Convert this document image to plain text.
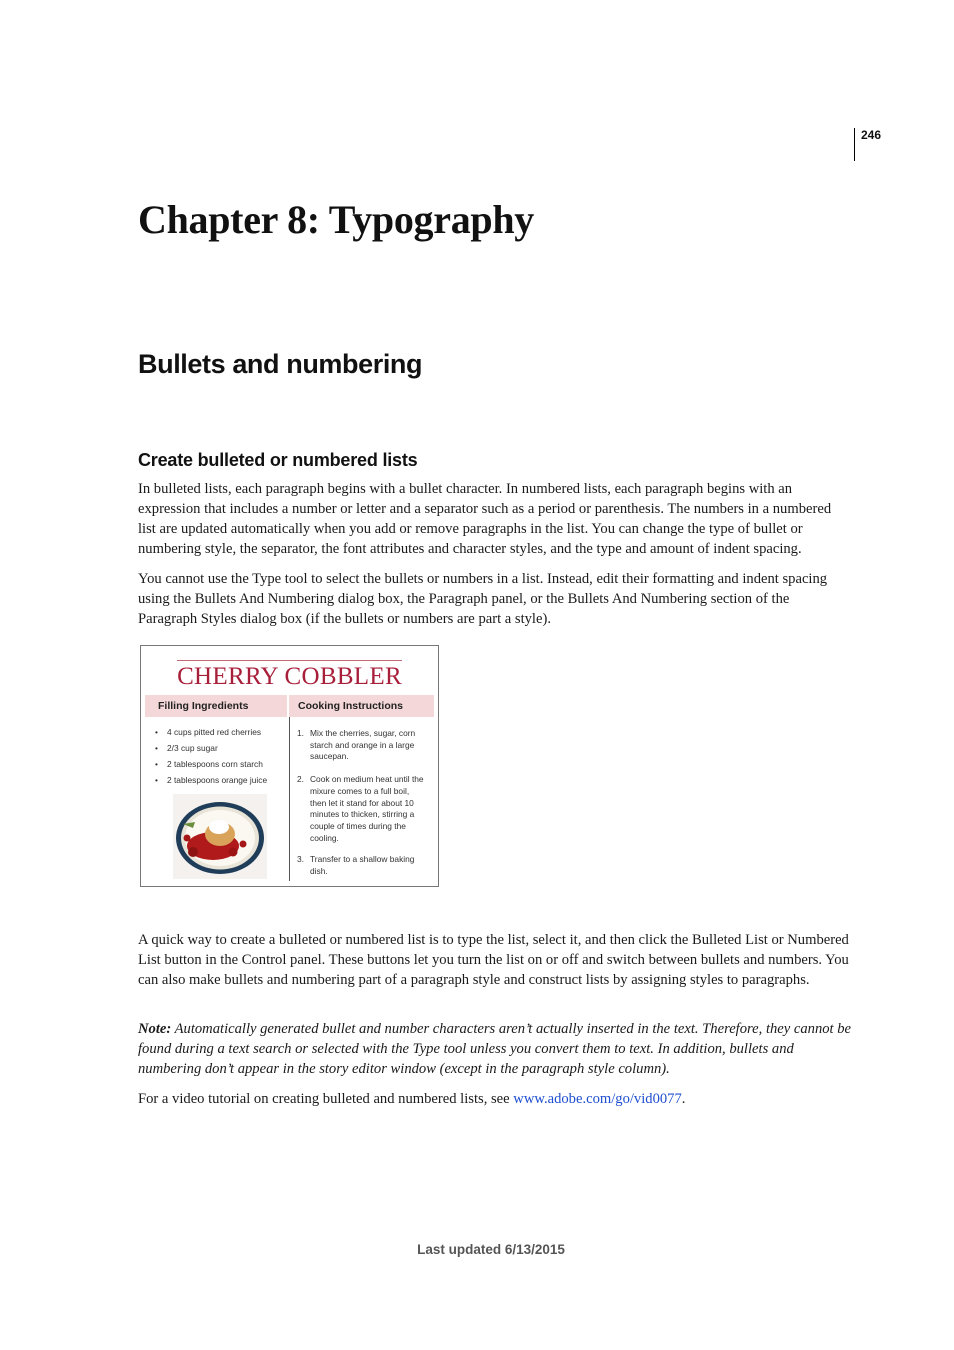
246
Chapter 8: Typography
Bullets and numbering
Create bulleted or numbered lists

In bulleted lists, each paragraph begins with a bullet character. In numbered lists, each paragraph begins with an expression that includes a number or letter and a separator such as a period or parenthesis. The numbers in a numbered list are updated automatically when you add or remove paragraphs in the list. You can change the type of bullet or numbering style, the separator, the font attributes and character styles, and the type and amount of indent spacing.

You cannot use the Type tool to select the bullets or numbers in a list. Instead, edit their formatting and indent spacing using the Bullets And Numbering dialog box, the Paragraph panel, or the Bullets And Numbering section of the Paragraph Styles dialog box (if the bullets or numbers are part a style).

CHERRY COBBLER
Filling Ingredients	Cooking Instructions
• 4 cups pitted red cherries
• 2/3 cup sugar
• 2 tablespoons corn starch
• 2 tablespoons orange juice
1. Mix the cherries, sugar, corn starch and orange in a large saucepan.
2. Cook on medium heat until the mixure comes to a full boil, then let it stand for about 10 minutes to thicken, stirring a couple of times during the cooling.
3. Transfer to a shallow baking dish.

A quick way to create a bulleted or numbered list is to type the list, select it, and then click the Bulleted List or Numbered List button in the Control panel. These buttons let you turn the list on or off and switch between bullets and numbers. You can also make bullets and numbering part of a paragraph style and construct lists by assigning styles to paragraphs.

Note: Automatically generated bullet and number characters aren’t actually inserted in the text. Therefore, they cannot be found during a text search or selected with the Type tool unless you convert them to text. In addition, bullets and numbering don’t appear in the story editor window (except in the paragraph style column).

For a video tutorial on creating bulleted and numbered lists, see www.adobe.com/go/vid0077.

Last updated 6/13/2015
